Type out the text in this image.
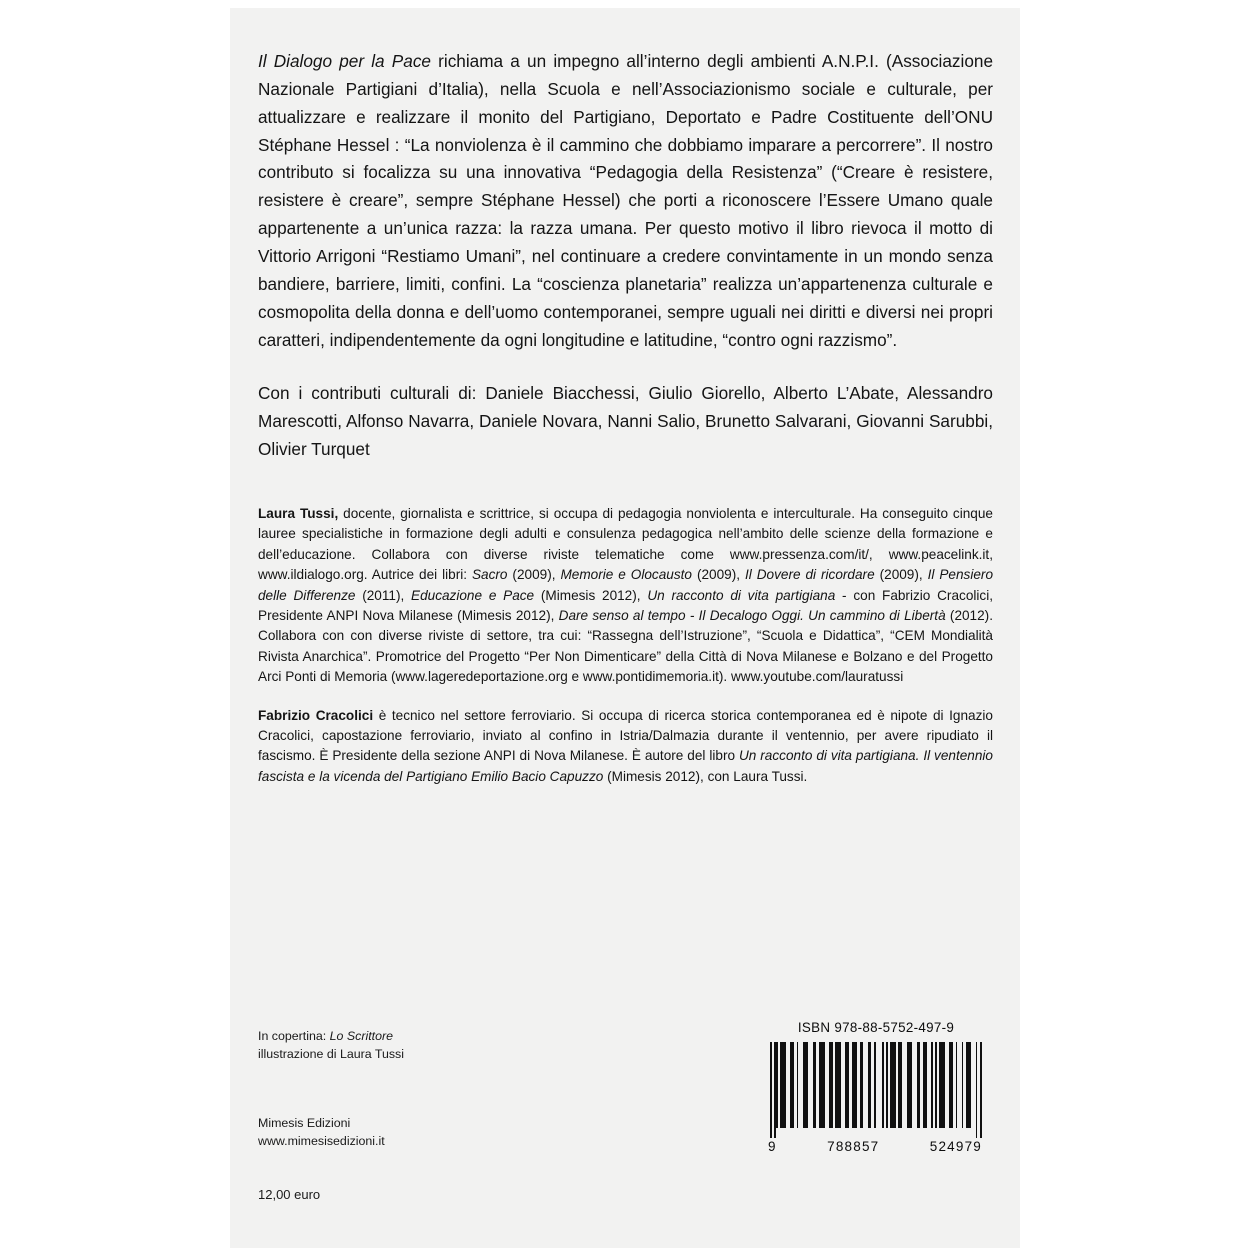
Il Dialogo per la Pace richiama a un impegno all’interno degli ambienti A.N.P.I. (Associazione Nazionale Partigiani d’Italia), nella Scuola e nell’Associazionismo sociale e culturale, per attualizzare e realizzare il monito del Partigiano, Deportato e Padre Costituente dell’ONU Stéphane Hessel : “La nonviolenza è il cammino che dobbiamo imparare a percorrere”. Il nostro contributo si focalizza su una innovativa “Pedagogia della Resistenza” (“Creare è resistere, resistere è creare”, sempre Stéphane Hessel) che porti a riconoscere l’Essere Umano quale appartenente a un’unica razza: la razza umana. Per questo motivo il libro rievoca il motto di Vittorio Arrigoni “Restiamo Umani”, nel continuare a credere convintamente in un mondo senza bandiere, barriere, limiti, confini. La “coscienza planetaria” realizza un’appartenenza culturale e cosmopolita della donna e dell’uomo contemporanei, sempre uguali nei diritti e diversi nei propri caratteri, indipendentemente da ogni longitudine e latitudine, “contro ogni razzismo”.

Con i contributi culturali di: Daniele Biacchessi, Giulio Giorello, Alberto L’Abate, Alessandro Marescotti, Alfonso Navarra, Daniele Novara, Nanni Salio, Brunetto Salvarani, Giovanni Sarubbi, Olivier Turquet

Laura Tussi, docente, giornalista e scrittrice, si occupa di pedagogia nonviolenta e interculturale. Ha conseguito cinque lauree specialistiche in formazione degli adulti e consulenza pedagogica nell’ambito delle scienze della formazione e dell’educazione. Collabora con diverse riviste telematiche come www.pressenza.com/it/, www.peacelink.it, www.ildialogo.org. Autrice dei libri: Sacro (2009), Memorie e Olocausto (2009), Il Dovere di ricordare (2009), Il Pensiero delle Differenze (2011), Educazione e Pace (Mimesis 2012), Un racconto di vita partigiana - con Fabrizio Cracolici, Presidente ANPI Nova Milanese (Mimesis 2012), Dare senso al tempo - Il Decalogo Oggi. Un cammino di Libertà (2012). Collabora con con diverse riviste di settore, tra cui: “Rassegna dell’Istruzione”, “Scuola e Didattica”, “CEM Mondialità Rivista Anarchica”. Promotrice del Progetto “Per Non Dimenticare” della Città di Nova Milanese e Bolzano e del Progetto Arci Ponti di Memoria (www.lageredeportazione.org e www.pontidimemoria.it). www.youtube.com/lauratussi

Fabrizio Cracolici è tecnico nel settore ferroviario. Si occupa di ricerca storica contemporanea ed è nipote di Ignazio Cracolici, capostazione ferroviario, inviato al confino in Istria/Dalmazia durante il ventennio, per avere ripudiato il fascismo. È Presidente della sezione ANPI di Nova Milanese. È autore del libro Un racconto di vita partigiana. Il ventennio fascista e la vicenda del Partigiano Emilio Bacio Capuzzo (Mimesis 2012), con Laura Tussi.

In copertina: Lo Scrittore
illustrazione di Laura Tussi

Mimesis Edizioni
www.mimesisedizioni.it

12,00 euro

ISBN 978-88-5752-497-9
9	788857	524979
